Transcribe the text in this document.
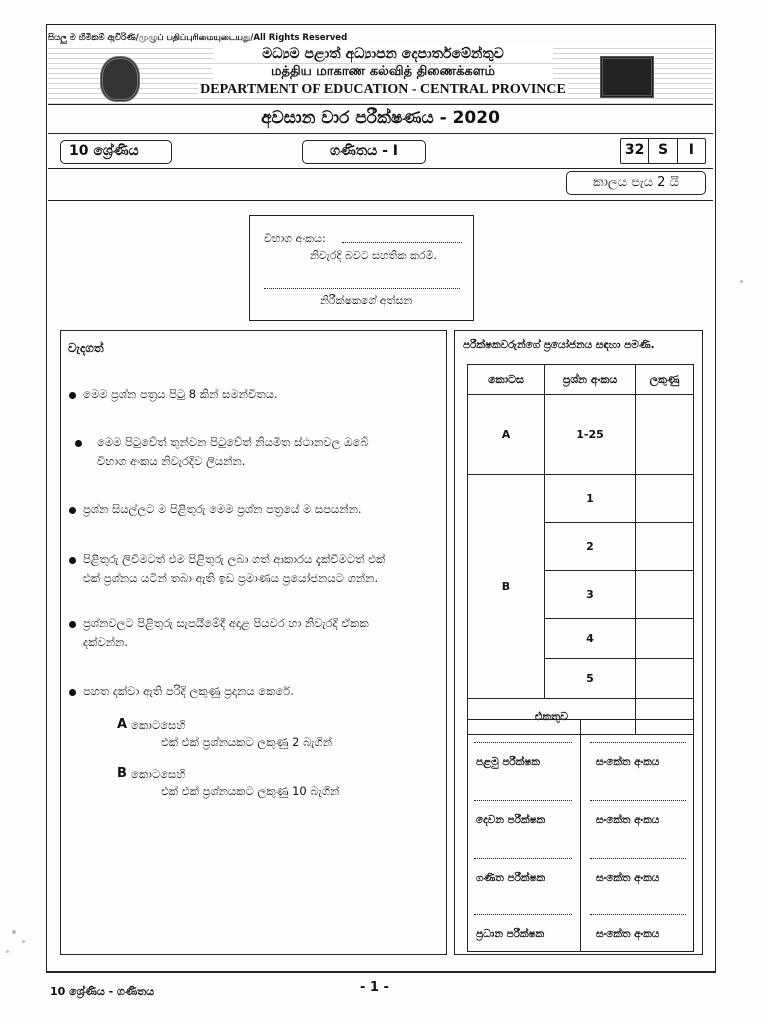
සියලු ම හිමිකම් ඇවිරිණි/முழுப் பதிப்புரிமையுடையது/All Rights Reserved
මධ්‍යම පළාත් අධ්‍යාපන දෙපාර්තමේන්තුව
மத்திய மாகாண கல்வித் திணைக்களம்
DEPARTMENT OF EDUCATION - CENTRAL PROVINCE
අවසාන වාර පරීක්ෂණය - 2020
10 ශ්‍රේණිය	ගණිතය - I	32 S	I
කාලය පැය 2 යි
විභාග අංකය:
නිවැරදි බවට සහතික කරමි.
නිරීක්ෂකගේ අත්සන
වැදගත්
මෙම ප්‍රශ්න පත්‍රය පිටු 8 කින් සමන්විතය.
මෙම පිටුවේත් තුන්වන පිටුවේත් නියමිත ස්ථානවල ඔබේ
විභාග අංකය නිවැරදිව ලියන්න.
ප්‍රශ්න සියල්ලට ම පිළිතුරු මෙම ප්‍රශ්න පත්‍රයේ ම සපයන්න.
පිළිතුරු ලිවීමටත් එම පිළිතුරු ලබා ගත් ආකාරය දැක්වීමටත් එක්
එක් ප්‍රශ්නය යටින් තබා ඇති ඉඩ ප්‍රමාණය ප්‍රයෝජනයට ගන්න.
ප්‍රශ්නවලට පිළිතුරු සැපයීමේදී අදාළ පියවර හා නිවැරදි ඒකක
දක්වන්න.
පහත දක්වා ඇති පරිදි ලකුණු ප්‍රදානය කෙරේ.
A කොටසෙහි
එක් එක් ප්‍රශ්නයකට ලකුණු 2 බැගින්
B කොටසෙහි
එක් එක් ප්‍රශ්නයකට ලකුණු 10 බැගින්
පරීක්ෂකවරුන්ගේ ප්‍රයෝජනය සඳහා පමණි.
කොටස	ප්‍රශ්න අංකය	ලකුණු
A	1-25	
B	1	
	2	
	3	
	4	
	5	
එකතුව		
පළමු පරීක්ෂක	සංකේත අංකය
දෙවන පරීක්ෂක	සංකේත අංකය
ගණිත පරීක්ෂක	සංකේත අංකය
ප්‍රධාන පරීක්ෂක	සංකේත අංකය
10 ශ්‍රේණිය - ගණිතය	- 1 -
